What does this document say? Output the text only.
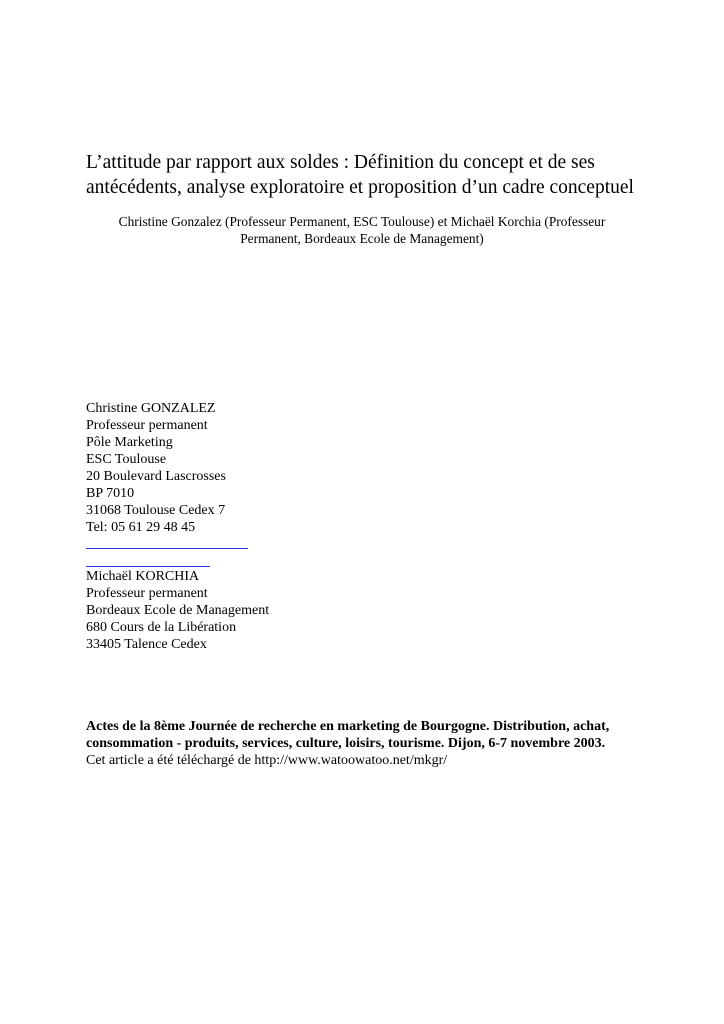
L’attitude par rapport aux soldes : Définition du concept et de ses
antécédents, analyse exploratoire et proposition d’un cadre conceptuel
Christine Gonzalez (Professeur Permanent, ESC Toulouse) et Michaël Korchia (Professeur
Permanent, Bordeaux Ecole de Management)
Christine GONZALEZ
Professeur permanent
Pôle Marketing
ESC Toulouse
20 Boulevard Lascrosses
BP 7010
31068 Toulouse Cedex 7
Tel: 05 61 29 48 45
Michaël KORCHIA
Professeur permanent
Bordeaux Ecole de Management
680 Cours de la Libération
33405 Talence Cedex
Actes de la 8ème Journée de recherche en marketing de Bourgogne. Distribution, achat,
consommation - produits, services, culture, loisirs, tourisme. Dijon, 6-7 novembre 2003.
Cet article a été téléchargé de http://www.watoowatoo.net/mkgr/
